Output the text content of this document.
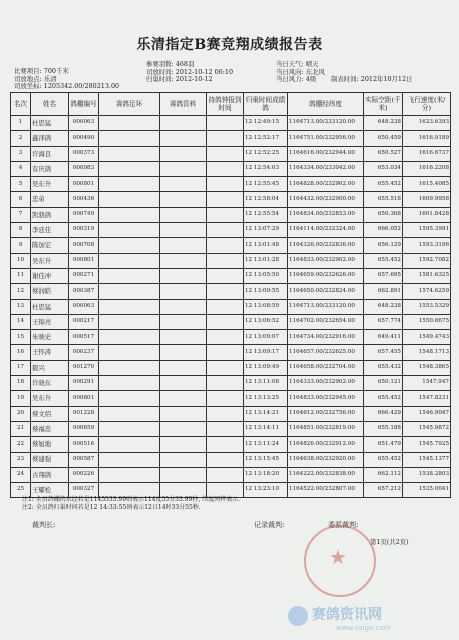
乐清指定B赛竞翔成绩报告表
比赛项目: 700千米
司放地点: 乐清
司放坐标: 1205342.00/280213.00
参赛羽数: 468羽
司放时间: 2012-10-12 06:10
归巢时间: 2012-10-12
当日天气: 晴天
当日风向: 东北风
当日风力: 4级	制表时间: 2012年10月12日
名次	姓名	鸽棚编号	赛鸽足环	赛鸽资料	持鸽钟报到时间	归巢时间成绩鸽	鸽棚经纬度	实际空距(千米)	飞行速度(米/分)
1	杜思猛	000063				12 12:49:15	1164713.00/233120.00	648.238	1623.6393
2	鑫泽鸽	000490				12 12:52:17	1164751.00/232956.00	650.459	1616.9189
3	许海良	000373				12 12:52:25	1164616.00/232944.00	650.527	1616.6737
4	有庆鸽	000983				12 12:54:03	1164334.00/233042.00	653.034	1616.2208
5	吴东升	000801				12 12:55:45	1164828.00/232902.00	655.452	1615.4085
6	忠弟	000436				12 12:58:04	1164432.00/232900.00	655.518	1609.9958
7	凯骁鸽	000749				12 12:55:54	1164834.00/232853.00	650.368	1601.8428
8	李廷佳	000319				12 13:07:29	1164114.00/232324.00	666.052	1595.3991
9	陈加宏	000708				12 13:01:48	1164326.00/232836.00	656.129	1593.3196
10	吴东升	000801				12 13:01:28	1164833.00/232902.00	655.452	1592.7082
11	谢佳冲	000271				12 13:05:50	1164659.00/232626.00	657.695	1581.6325
12	蔡润皓	000387				12 13:09:55	1164650.00/232824.00	662.891	1574.6259
13	杜思猛	000063				12 13:08:59	1164713.00/233120.00	648.238	1553.5329
14	王锦亮	000217				12 13:06:52	1164702.00/232654.00	657.774	1550.8675
15	朱映史	000517				12 13:09:07	1164734.00/232916.00	649.411	1549.4743
16	王怀涛	000237				12 13:09:17	1164657.00/232625.00	657.455	1548.1713
17	毅兴	001270				12 13:09:49	1164658.00/232704.00	655.432	1548.3865
18	许晓东	000291				12 13:11:08	1164333.00/232902.00	650.121	1547.947
19	吴东升	000801				12 13:13:25	1164833.00/232945.00	655.452	1547.8231
20	蔡文绍	001228				12 13:14:21	1164612.00/232756.00	666.429	1546.9047
21	蔡福忠	000659				12 13:14:11	1164851.00/232819.00	655.188	1545.9872
22	蔡旭地	000516				12 13:11:24	1164826.00/232912.00	651.479	1545.7925
23	蔡建强	000587				12 13:15:45	1164638.00/232920.00	655.452	1545.1377
24	古翔鸽	000226				12 13:18:20	1164222.00/232838.00	662.112	1538.2803
25	王耀松	000327				12 13:23:10	1164522.00/232807.00	657.212	1535.0041
注1: 全员鸽棚的东经若是1145533.99则表示114度55分33.99秒, 纬度同样表示.
注2: 全员鸽归巢时间若是12 14:33:55则表示12日14时33分55秒.
裁判长:	记录裁判:	委派裁判:
★
第1页(共2页)
赛鸽资讯网
www.saige.com
